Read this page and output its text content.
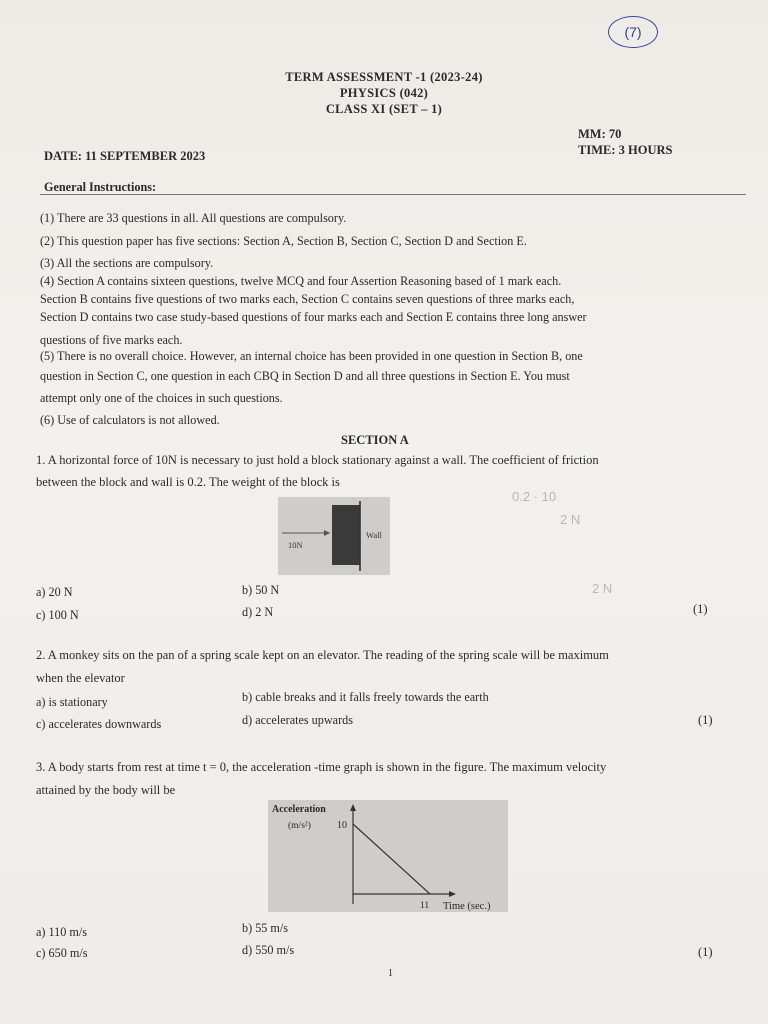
(7)
TERM ASSESSMENT -1 (2023-24)
PHYSICS (042)
CLASS XI (SET – 1)
MM: 70
TIME: 3 HOURS
DATE: 11 SEPTEMBER 2023
General Instructions:
(1) There are 33 questions in all. All questions are compulsory.
(2) This question paper has five sections: Section A, Section B, Section C, Section D and Section E.
(3) All the sections are compulsory.
(4) Section A contains sixteen questions, twelve MCQ and four Assertion Reasoning based of 1 mark each.
Section B contains five questions of two marks each, Section C contains seven questions of three marks each,
Section D contains two case study-based questions of four marks each and Section E contains three long answer
questions of five marks each.
(5) There is no overall choice. However, an internal choice has been provided in one question in Section B, one
question in Section C, one question in each CBQ in Section D and all three questions in Section E. You must
attempt only one of the choices in such questions.
(6) Use of calculators is not allowed.
SECTION A
1. A horizontal force of 10N is necessary to just hold a block stationary against a wall. The coefficient of friction
between the block and wall is 0.2. The weight of the block is
10N
Wall
0.2 · 10
2 N
2 N
a) 20 N	b) 50 N
c) 100 N	d) 2 N	(1)
2. A monkey sits on the pan of a spring scale kept on an elevator. The reading of the spring scale will be maximum
when the elevator
a) is stationary	b) cable breaks and it falls freely towards the earth
c) accelerates downwards	d) accelerates upwards	(1)
3. A body starts from rest at time t = 0, the acceleration -time graph is shown in the figure. The maximum velocity
attained by the body will be
Acceleration
(m/s²)	10
11 Time (sec.)
a) 110 m/s	b) 55 m/s
c) 650 m/s	d) 550 m/s	(1)
1
